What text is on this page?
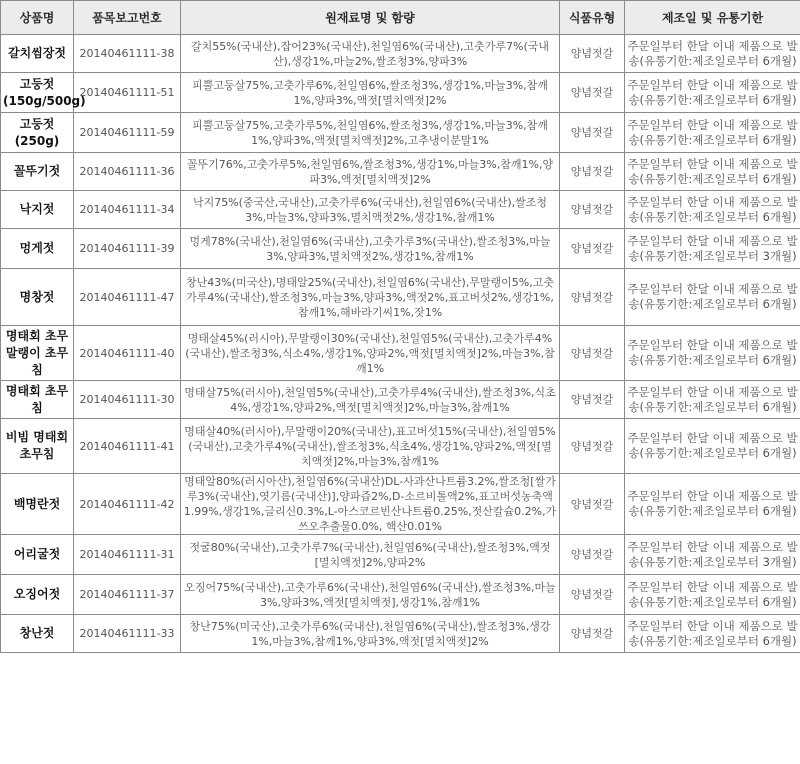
상품명	품목보고번호	원재료명 및 함량	식품유형	제조일 및 유통기한
갈치씸장젓	20140461111-38	갈치55%(국내산),잡어23%(국내산),천일염6%(국내산),고춧가루7%(국내산),생강1%,마늘2%,쌀조청3%,양파3%	양념젓갈	주문일부터 한달 이내 제품으로 발송(유통기한:제조일로부터 6개월)
고둥젓(150g/500g)	20140461111-51	피뿔고둥살75%,고춧가루6%,천일염6%,쌀조청3%,생강1%,마늘3%,참깨1%,양파3%,액젓[멸치액젓]2%	양념젓갈	주문일부터 한달 이내 제품으로 발송(유통기한:제조일로부터 6개월)
고둥젓(250g)	20140461111-59	피뿔고둥살75%,고춧가루5%,천일염6%,쌀조청3%,생강1%,마늘3%,참깨1%,양파3%,액젓[멸치액젓]2%,고추냉이분말1%	양념젓갈	주문일부터 한달 이내 제품으로 발송(유통기한:제조일로부터 6개월)
꼴뚜기젓	20140461111-36	꼴뚜기76%,고춧가루5%,천일염6%,쌀조청3%,생강1%,마늘3%,참깨1%,양파3%,액젓[멸치액젓]2%	양념젓갈	주문일부터 한달 이내 제품으로 발송(유통기한:제조일로부터 6개월)
낙지젓	20140461111-34	낙지75%(중국산,국내산),고춧가루6%(국내산),천일염6%(국내산),쌀조청3%,마늘3%,양파3%,멸치액젓2%,생강1%,참깨1%	양념젓갈	주문일부터 한달 이내 제품으로 발송(유통기한:제조일로부터 6개월)
멍게젓	20140461111-39	멍게78%(국내산),천일염6%(국내산),고춧가루3%(국내산),쌀조청3%,마늘3%,양파3%,멸치액젓2%,생강1%,참깨1%	양념젓갈	주문일부터 한달 이내 제품으로 발송(유통기한:제조일로부터 3개월)
명창젓	20140461111-47	창난43%(미국산),명태알25%(국내산),천일염6%(국내산),무말랭이5%,고춧가루4%(국내산),쌀조청3%,마늘3%,양파3%,액젓2%,표고버섯2%,생강1%,참깨1%,해바라기씨1%,잣1%	양념젓갈	주문일부터 한달 이내 제품으로 발송(유통기한:제조일로부터 6개월)
명태회 초무말랭이 초무침	20140461111-40	명태살45%(러시아),무말랭이30%(국내산),천일염5%(국내산),고춧가루4%(국내산),쌀조청3%,식소4%,생강1%,양파2%,액젓[멸치액젓]2%,마늘3%,참깨1%	양념젓갈	주문일부터 한달 이내 제품으로 발송(유통기한:제조일로부터 6개월)
명태회 초무침	20140461111-30	명태살75%(러시아),천일염5%(국내산),고춧가루4%(국내산),쌀조청3%,식초4%,생강1%,양파2%,액젓[멸치액젓]2%,마늘3%,참깨1%	양념젓갈	주문일부터 한달 이내 제품으로 발송(유통기한:제조일로부터 6개월)
비빔 명태회 초무침	20140461111-41	명태살40%(러시아),무말랭이20%(국내산),표고버섯15%(국내산),천일염5%(국내산),고춧가루4%(국내산),쌀조청3%,식초4%,생강1%,양파2%,액젓[멸치액젓]2%,마늘3%,참깨1%	양념젓갈	주문일부터 한달 이내 제품으로 발송(유통기한:제조일로부터 6개월)
백명란젓	20140461111-42	명태알80%(러시아산),천일염6%(국내산)DL-사과산나트륨3.2%,쌀조청[쌀가루3%(국내산),엿기름(국내산)],양파즙2%,D-소르비톨액2%,표고버섯농축액1.99%,생강1%,글리신0.3%,L-아스코르빈산나트륨0.25%,젓산칼슘0.2%,가쓰오추출물0.0%, 핵산0.01%	양념젓갈	주문일부터 한달 이내 제품으로 발송(유통기한:제조일로부터 6개월)
어리굴젓	20140461111-31	젓굴80%(국내산),고춧가루7%(국내산),천일염6%(국내산),쌀조청3%,액젓[멸치액젓]2%,양파2%	양념젓갈	주문일부터 한달 이내 제품으로 발송(유통기한:제조일로부터 3개월)
오징어젓	20140461111-37	오징어75%(국내산),고춧가루6%(국내산),천일염6%(국내산),쌀조청3%,마늘3%,양파3%,액젓[멸치액젓],생강1%,참깨1%	양념젓갈	주문일부터 한달 이내 제품으로 발송(유통기한:제조일로부터 6개월)
창난젓	20140461111-33	창난75%(미국산),고춧가루6%(국내산),천일염6%(국내산),쌀조청3%,생강1%,마늘3%,참깨1%,양파3%,액젓[멸치액젓]2%	양념젓갈	주문일부터 한달 이내 제품으로 발송(유통기한:제조일로부터 6개월)
